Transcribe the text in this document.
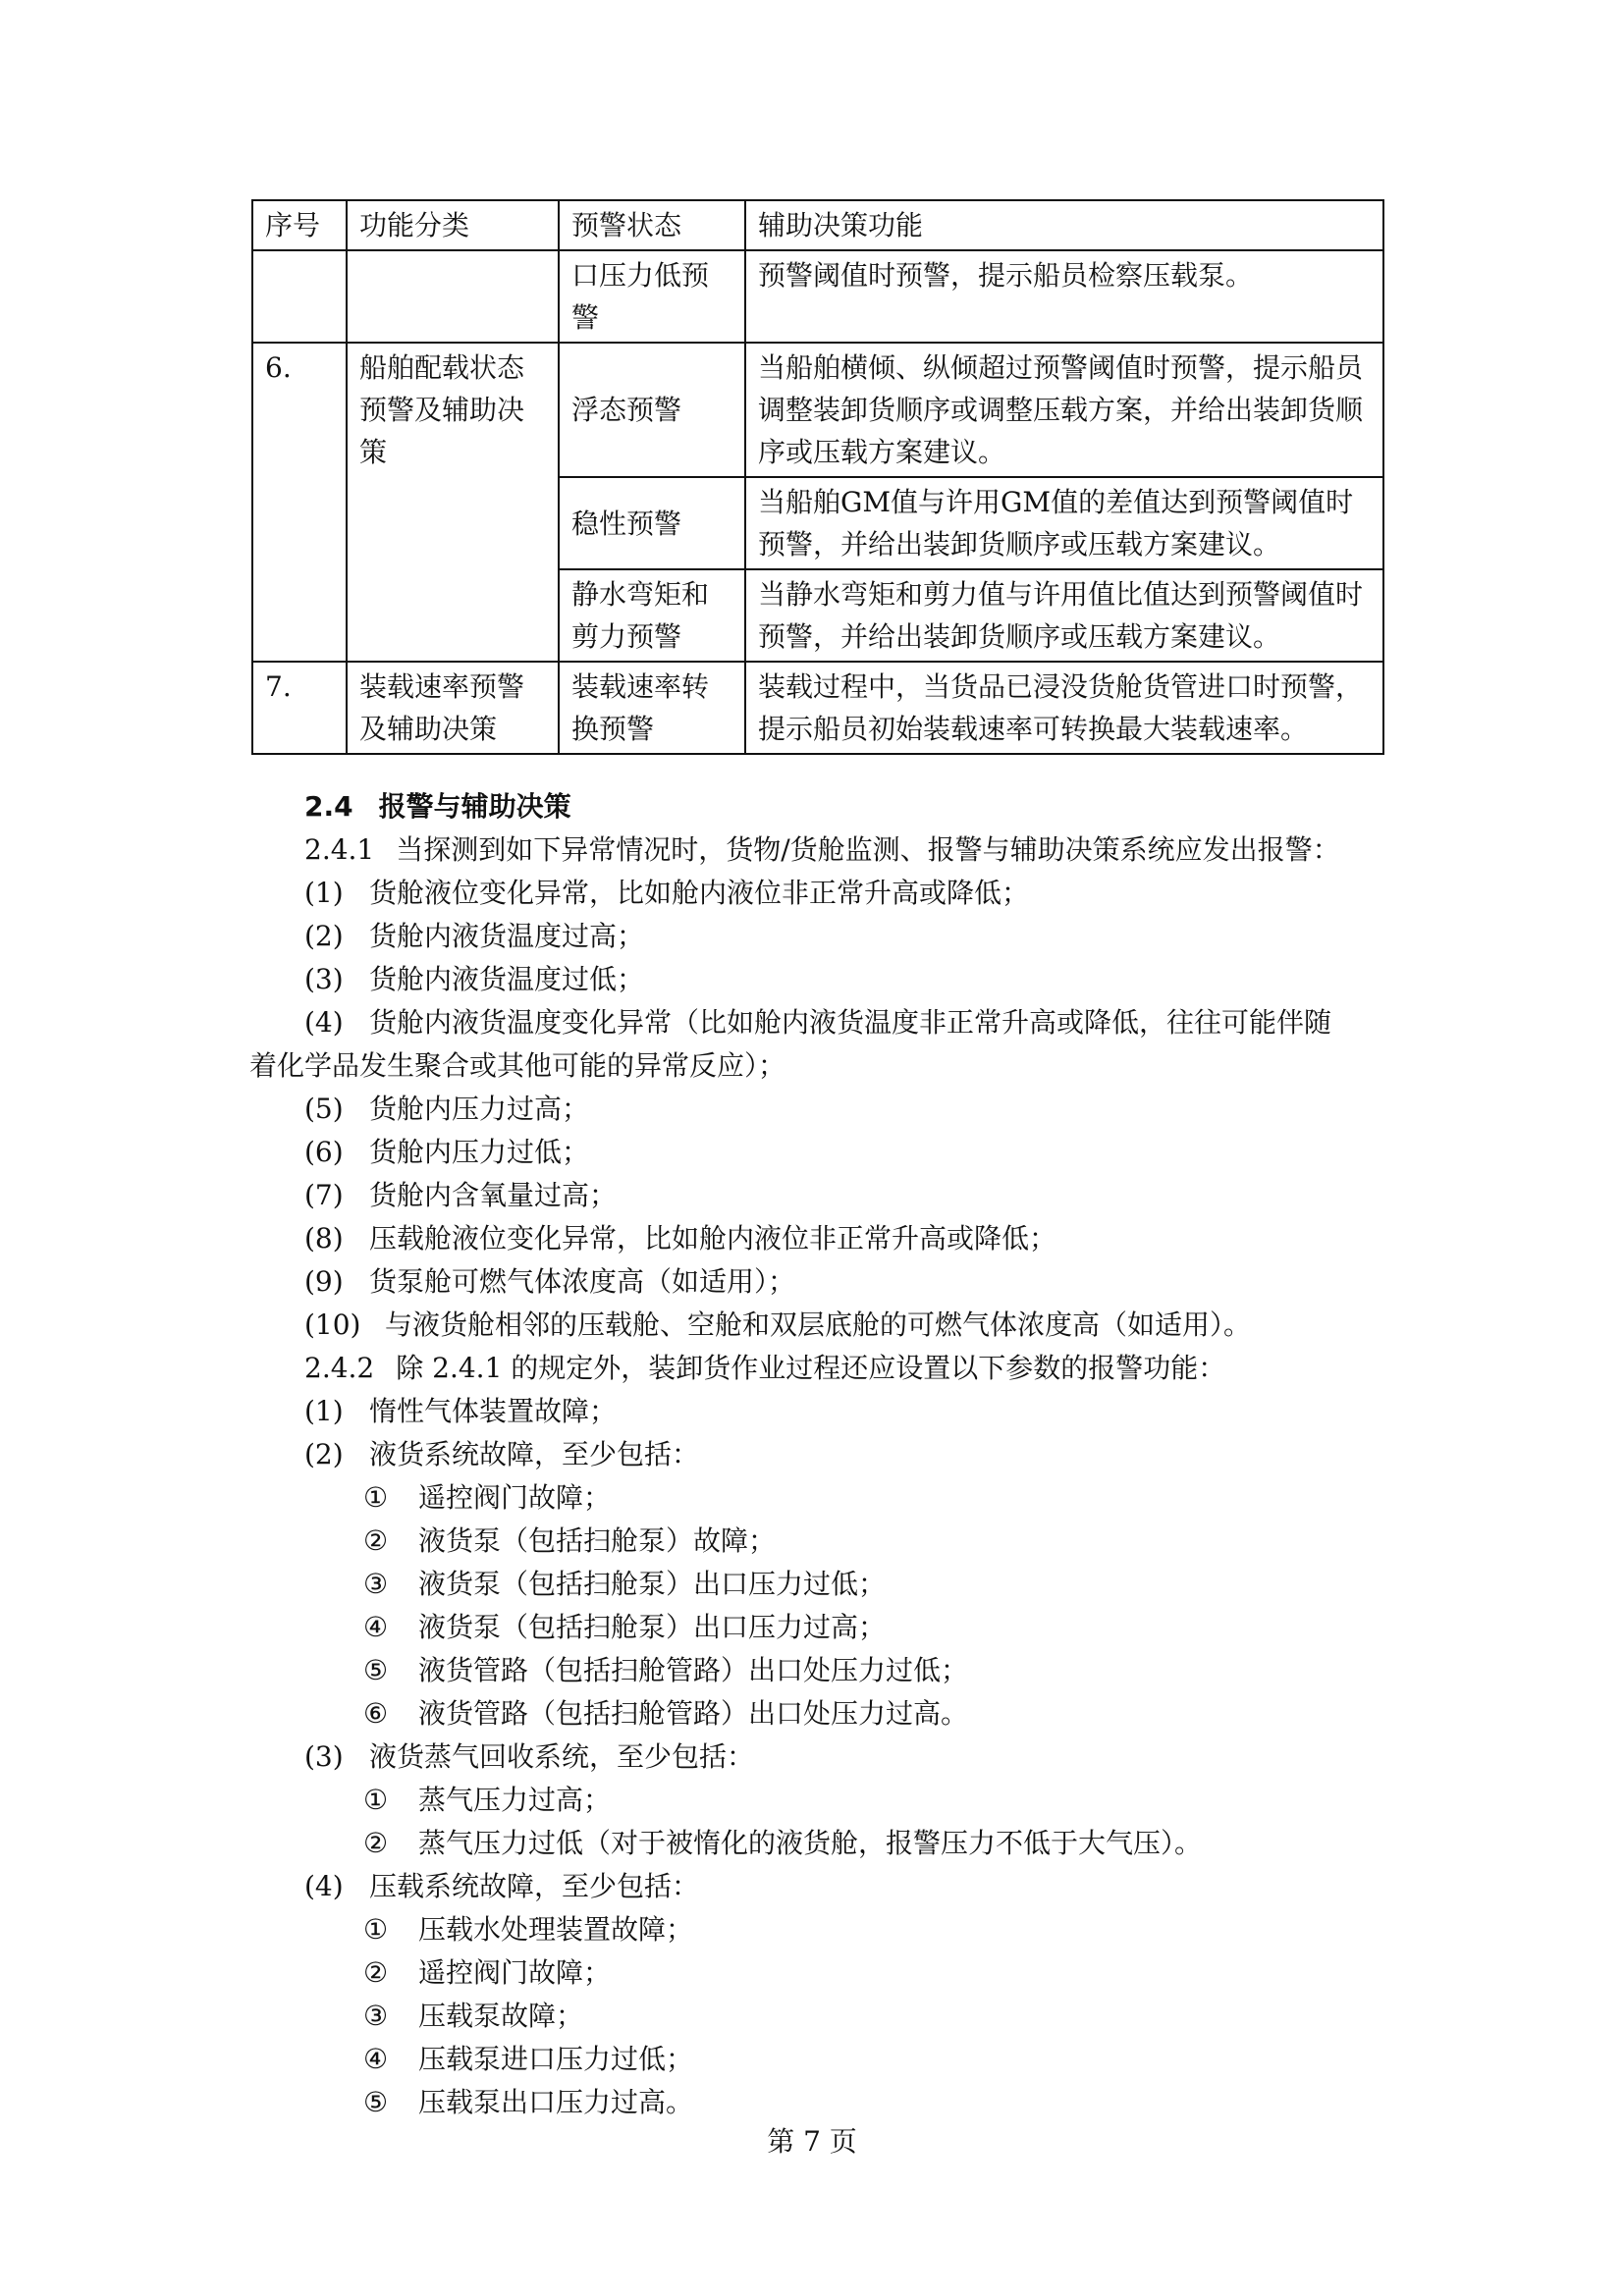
序号	功能分类	预警状态	辅助决策功能
		口压力低预警	预警阈值时预警，提示船员检察压载泵。
6.	船舶配载状态预警及辅助决策	浮态预警	当船舶横倾、纵倾超过预警阈值时预警，提示船员调整装卸货顺序或调整压载方案，并给出装卸货顺序或压载方案建议。
		稳性预警	当船舶GM值与许用GM值的差值达到预警阈值时预警，并给出装卸货顺序或压载方案建议。
		静水弯矩和剪力预警	当静水弯矩和剪力值与许用值比值达到预警阈值时预警，并给出装卸货顺序或压载方案建议。
7.	装载速率预警及辅助决策	装载速率转换预警	装载过程中，当货品已浸没货舱货管进口时预警，提示船员初始装载速率可转换最大装载速率。
2.4 报警与辅助决策
2.4.1 当探测到如下异常情况时，货物/货舱监测、报警与辅助决策系统应发出报警：
(1) 货舱液位变化异常，比如舱内液位非正常升高或降低；
(2) 货舱内液货温度过高；
(3) 货舱内液货温度过低；
(4) 货舱内液货温度变化异常（比如舱内液货温度非正常升高或降低，往往可能伴随
着化学品发生聚合或其他可能的异常反应）；
(5) 货舱内压力过高；
(6) 货舱内压力过低；
(7) 货舱内含氧量过高；
(8) 压载舱液位变化异常，比如舱内液位非正常升高或降低；
(9) 货泵舱可燃气体浓度高（如适用）；
(10) 与液货舱相邻的压载舱、空舱和双层底舱的可燃气体浓度高（如适用）。
2.4.2 除 2.4.1 的规定外，装卸货作业过程还应设置以下参数的报警功能：
(1) 惰性气体装置故障；
(2) 液货系统故障，至少包括：
① 遥控阀门故障；
② 液货泵（包括扫舱泵）故障；
③ 液货泵（包括扫舱泵）出口压力过低；
④ 液货泵（包括扫舱泵）出口压力过高；
⑤ 液货管路（包括扫舱管路）出口处压力过低；
⑥ 液货管路（包括扫舱管路）出口处压力过高。
(3) 液货蒸气回收系统，至少包括：
① 蒸气压力过高；
② 蒸气压力过低（对于被惰化的液货舱，报警压力不低于大气压）。
(4) 压载系统故障，至少包括：
① 压载水处理装置故障；
② 遥控阀门故障；
③ 压载泵故障；
④ 压载泵进口压力过低；
⑤ 压载泵出口压力过高。
第 7 页
